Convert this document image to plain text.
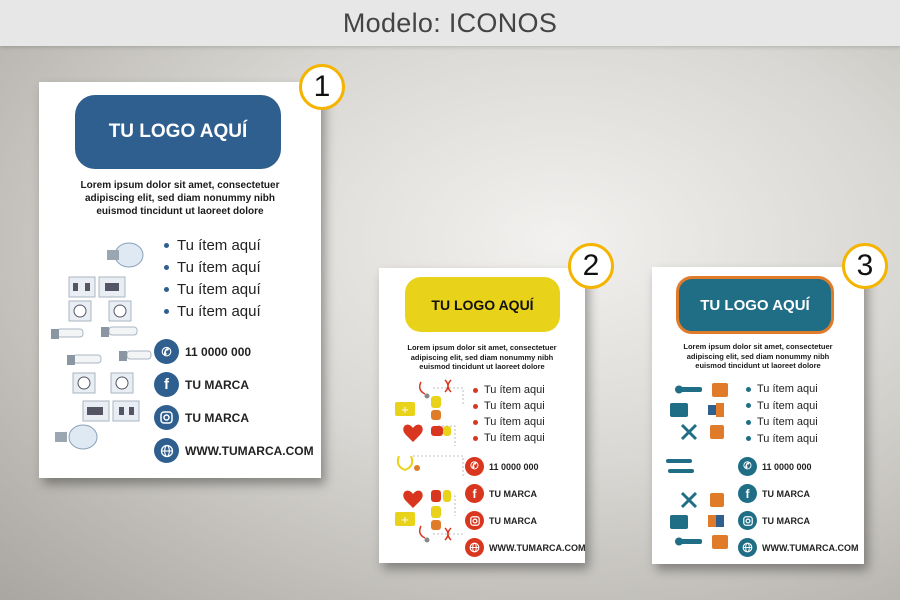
Modelo: ICONOS
TU LOGO AQUÍ
Lorem ipsum dolor sit amet, consectetuer
adipiscing elit, sed diam nonummy nibh
euismod tincidunt ut laoreet dolore
Tu ítem aquí
Tu ítem aquí
Tu ítem aquí
Tu ítem aquí
✆	11 0000 000
f	TU MARCA
TU MARCA
WWW.TUMARCA.COM
1
TU LOGO AQUÍ
Lorem ipsum dolor sit amet, consectetuer
adipiscing elit, sed diam nonummy nibh
euismod tincidunt ut laoreet dolore
+
+
Tu ítem aqui
Tu ítem aqui
Tu ítem aqui
Tu ítem aqui
✆	11 0000 000
f	TU MARCA
TU MARCA
WWW.TUMARCA.COM
2
TU LOGO AQUÍ
Lorem ipsum dolor sit amet, consectetuer
adipiscing elit, sed diam nonummy nibh
euismod tincidunt ut laoreet dolore
Tu ítem aqui
Tu ítem aqui
Tu ítem aqui
Tu ítem aqui
✆	11 0000 000
f	TU MARCA
TU MARCA
WWW.TUMARCA.COM
3
